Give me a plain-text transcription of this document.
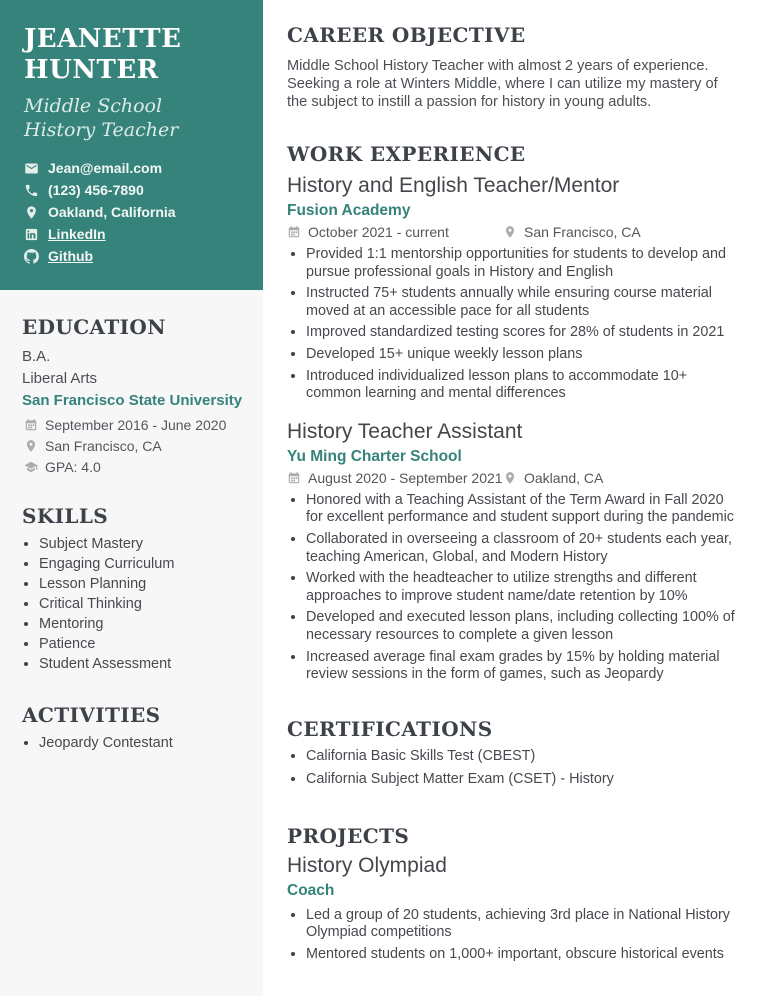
JEANETTE HUNTER

Middle School History Teacher

Jean@email.com
(123) 456-7890
Oakland, California
LinkedIn
Github
EDUCATION
B.A.
Liberal Arts
San Francisco State University
September 2016 - June 2020
San Francisco, CA
GPA: 4.0
SKILLS
• Subject Mastery
• Engaging Curriculum
• Lesson Planning
• Critical Thinking
• Mentoring
• Patience
• Student Assessment
ACTIVITIES
• Jeopardy Contestant
CAREER OBJECTIVE

Middle School History Teacher with almost 2 years of experience. Seeking a role at Winters Middle, where I can utilize my mastery of the subject to instill a passion for history in young adults.

WORK EXPERIENCE
History and English Teacher/Mentor
Fusion Academy
October 2021 - current	San Francisco, CA
• Provided 1:1 mentorship opportunities for students to develop and pursue professional goals in History and English
• Instructed 75+ students annually while ensuring course material moved at an accessible pace for all students
• Improved standardized testing scores for 28% of students in 2021
• Developed 15+ unique weekly lesson plans
• Introduced individualized lesson plans to accommodate 10+ common learning and mental differences
History Teacher Assistant
Yu Ming Charter School
August 2020 - September 2021 Oakland, CA
• Honored with a Teaching Assistant of the Term Award in Fall 2020 for excellent performance and student support during the pandemic
• Collaborated in overseeing a classroom of 20+ students each year, teaching American, Global, and Modern History
• Worked with the headteacher to utilize strengths and different approaches to improve student name/date retention by 10%
• Developed and executed lesson plans, including collecting 100% of necessary resources to complete a given lesson
• Increased average final exam grades by 15% by holding material review sessions in the form of games, such as Jeopardy
CERTIFICATIONS
• California Basic Skills Test (CBEST)
• California Subject Matter Exam (CSET) - History
PROJECTS
History Olympiad
Coach
• Led a group of 20 students, achieving 3rd place in National History Olympiad competitions
• Mentored students on 1,000+ important, obscure historical events
